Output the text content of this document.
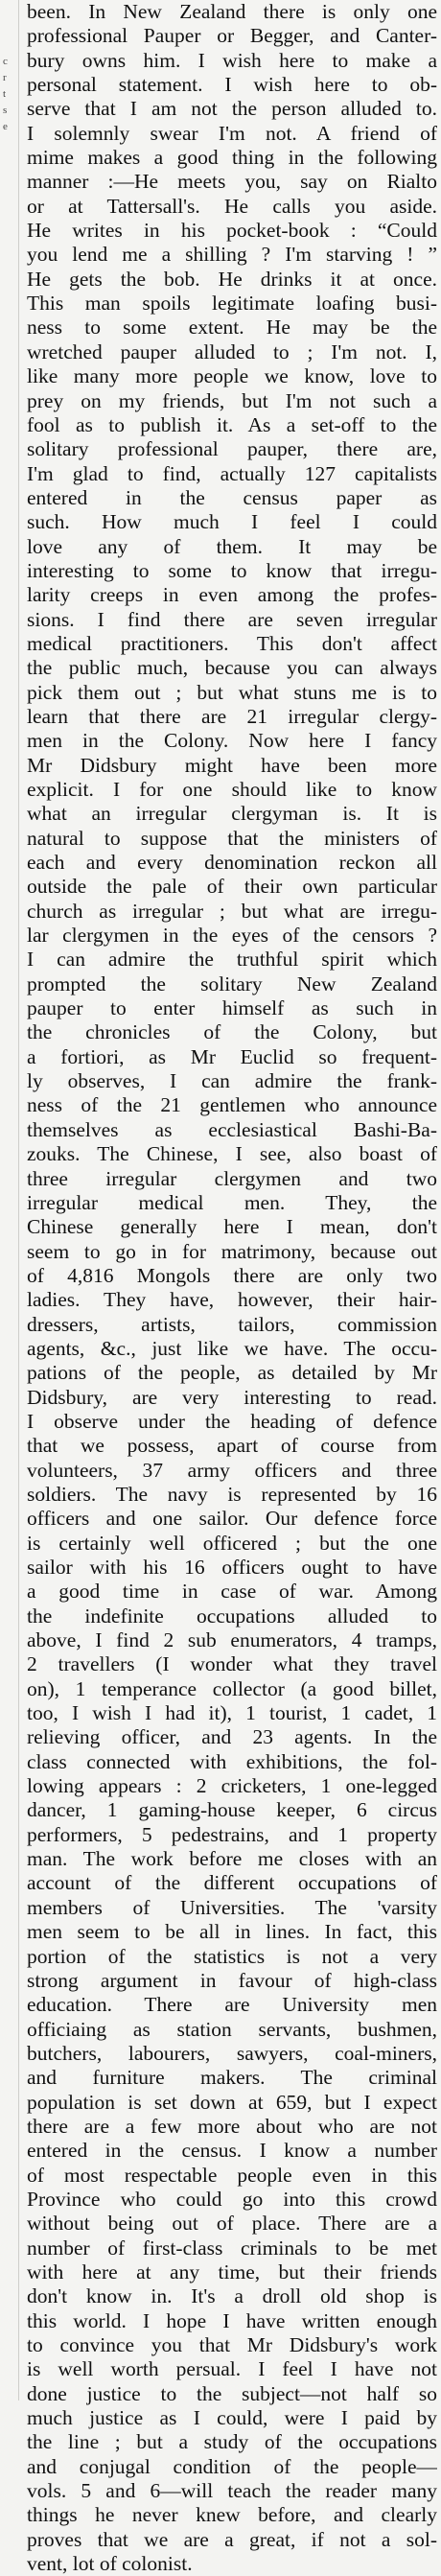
c
r
t
s
e
been. In New Zealand there is only one
professional Pauper or Begger, and Canter-
bury owns him. I wish here to make a
personal statement. I wish here to ob-
serve that I am not the person alluded to.
I solemnly swear I'm not. A friend of
mime makes a good thing in the following
manner :—He meets you, say on Rialto
or at Tattersall's. He calls you aside.
He writes in his pocket-book : “Could
you lend me a shilling ? I'm starving ! ”
He gets the bob. He drinks it at once.
This man spoils legitimate loafing busi-
ness to some extent. He may be the
wretched pauper alluded to ; I'm not. I,
like many more people we know, love to
prey on my friends, but I'm not such a
fool as to publish it. As a set-off to the
solitary professional pauper, there are,
I'm glad to find, actually 127 capitalists
entered in the census paper as
such. How much I feel I could
love any of them. It may be
interesting to some to know that irregu-
larity creeps in even among the profes-
sions. I find there are seven irregular
medical practitioners. This don't affect
the public much, because you can always
pick them out ; but what stuns me is to
learn that there are 21 irregular clergy-
men in the Colony. Now here I fancy
Mr Didsbury might have been more
explicit. I for one should like to know
what an irregular clergyman is. It is
natural to suppose that the ministers of
each and every denomination reckon all
outside the pale of their own particular
church as irregular ; but what are irregu-
lar clergymen in the eyes of the censors ?
I can admire the truthful spirit which
prompted the solitary New Zealand
pauper to enter himself as such in
the chronicles of the Colony, but
a fortiori, as Mr Euclid so frequent-
ly observes, I can admire the frank-
ness of the 21 gentlemen who announce
themselves as ecclesiastical Bashi-Ba-
zouks. The Chinese, I see, also boast of
three irregular clergymen and two
irregular medical men. They, the
Chinese generally here I mean, don't
seem to go in for matrimony, because out
of 4,816 Mongols there are only two
ladies. They have, however, their hair-
dressers, artists, tailors, commission
agents, &c., just like we have. The occu-
pations of the people, as detailed by Mr
Didsbury, are very interesting to read.
I observe under the heading of defence
that we possess, apart of course from
volunteers, 37 army officers and three
soldiers. The navy is represented by 16
officers and one sailor. Our defence force
is certainly well officered ; but the one
sailor with his 16 officers ought to have
a good time in case of war. Among
the indefinite occupations alluded to
above, I find 2 sub enumerators, 4 tramps,
2 travellers (I wonder what they travel
on), 1 temperance collector (a good billet,
too, I wish I had it), 1 tourist, 1 cadet, 1
relieving officer, and 23 agents. In the
class connected with exhibitions, the fol-
lowing appears : 2 cricketers, 1 one-legged
dancer, 1 gaming-house keeper, 6 circus
performers, 5 pedestrains, and 1 property
man. The work before me closes with an
account of the different occupations of
members of Universities. The 'varsity
men seem to be all in lines. In fact, this
portion of the statistics is not a very
strong argument in favour of high-class
education. There are University men
officiaing as station servants, bushmen,
butchers, labourers, sawyers, coal-miners,
and furniture makers. The criminal
population is set down at 659, but I expect
there are a few more about who are not
entered in the census. I know a number
of most respectable people even in this
Province who could go into this crowd
without being out of place. There are a
number of first-class criminals to be met
with here at any time, but their friends
don't know in. It's a droll old shop is
this world. I hope I have written enough
to convince you that Mr Didsbury's work
is well worth persual. I feel I have not
done justice to the subject—not half so
much justice as I could, were I paid by
the line ; but a study of the occupations
and conjugal condition of the people—
vols. 5 and 6—will teach the reader many
things he never knew before, and clearly
proves that we are a great, if not a sol-
vent, lot of colonist.
